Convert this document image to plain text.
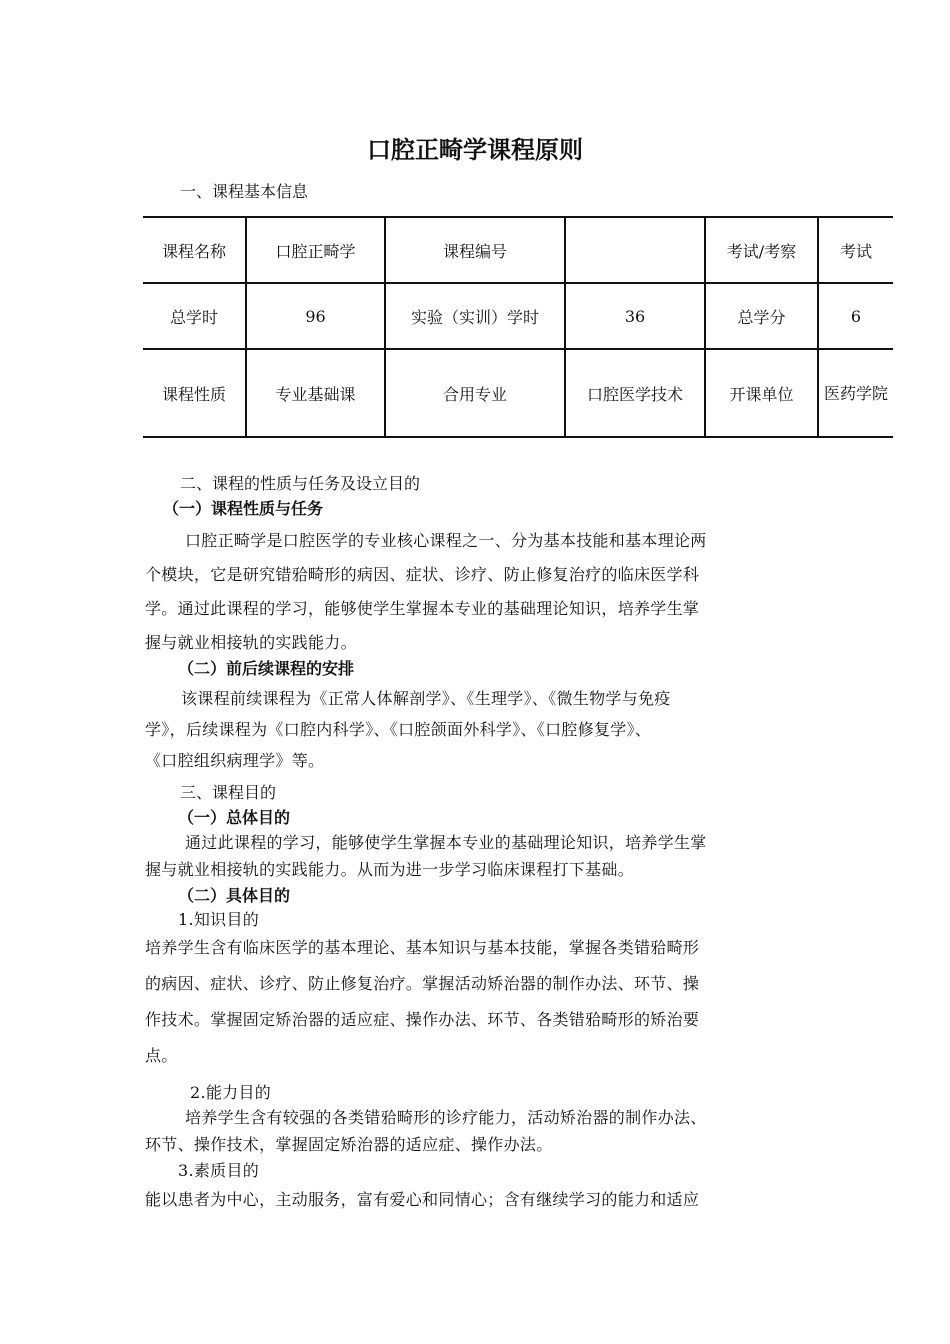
口腔正畸学课程原则
一、课程基本信息
课程名称	口腔正畸学	课程编号		考试/考察	考试
总学时	96	实验（实训）学时	36	总学分	6
课程性质	专业基础课	合用专业	口腔医学技术	开课单位	医药学院
二、课程的性质与任务及设立目的
（一）课程性质与任务
口腔正畸学是口腔医学的专业核心课程之一、分为基本技能和基本理论两
个模块，它是研究错𬌗畸形的病因、症状、诊疗、防止修复治疗的临床医学科
学。通过此课程的学习，能够使学生掌握本专业的基础理论知识，培养学生掌
握与就业相接轨的实践能力。
（二）前后续课程的安排
该课程前续课程为《正常人体解剖学》、《生理学》、《微生物学与免疫
学》，后续课程为《口腔内科学》、《口腔颌面外科学》、《口腔修复学》、
《口腔组织病理学》等。
三、课程目的
（一）总体目的
通过此课程的学习，能够使学生掌握本专业的基础理论知识，培养学生掌
握与就业相接轨的实践能力。从而为进一步学习临床课程打下基础。
（二）具体目的
1.知识目的
培养学生含有临床医学的基本理论、基本知识与基本技能，掌握各类错𬌗畸形
的病因、症状、诊疗、防止修复治疗。掌握活动矫治器的制作办法、环节、操
作技术。掌握固定矫治器的适应症、操作办法、环节、各类错𬌗畸形的矫治要
点。
2.能力目的
培养学生含有较强的各类错𬌗畸形的诊疗能力，活动矫治器的制作办法、
环节、操作技术，掌握固定矫治器的适应症、操作办法。
3.素质目的
能以患者为中心，主动服务，富有爱心和同情心；含有继续学习的能力和适应
